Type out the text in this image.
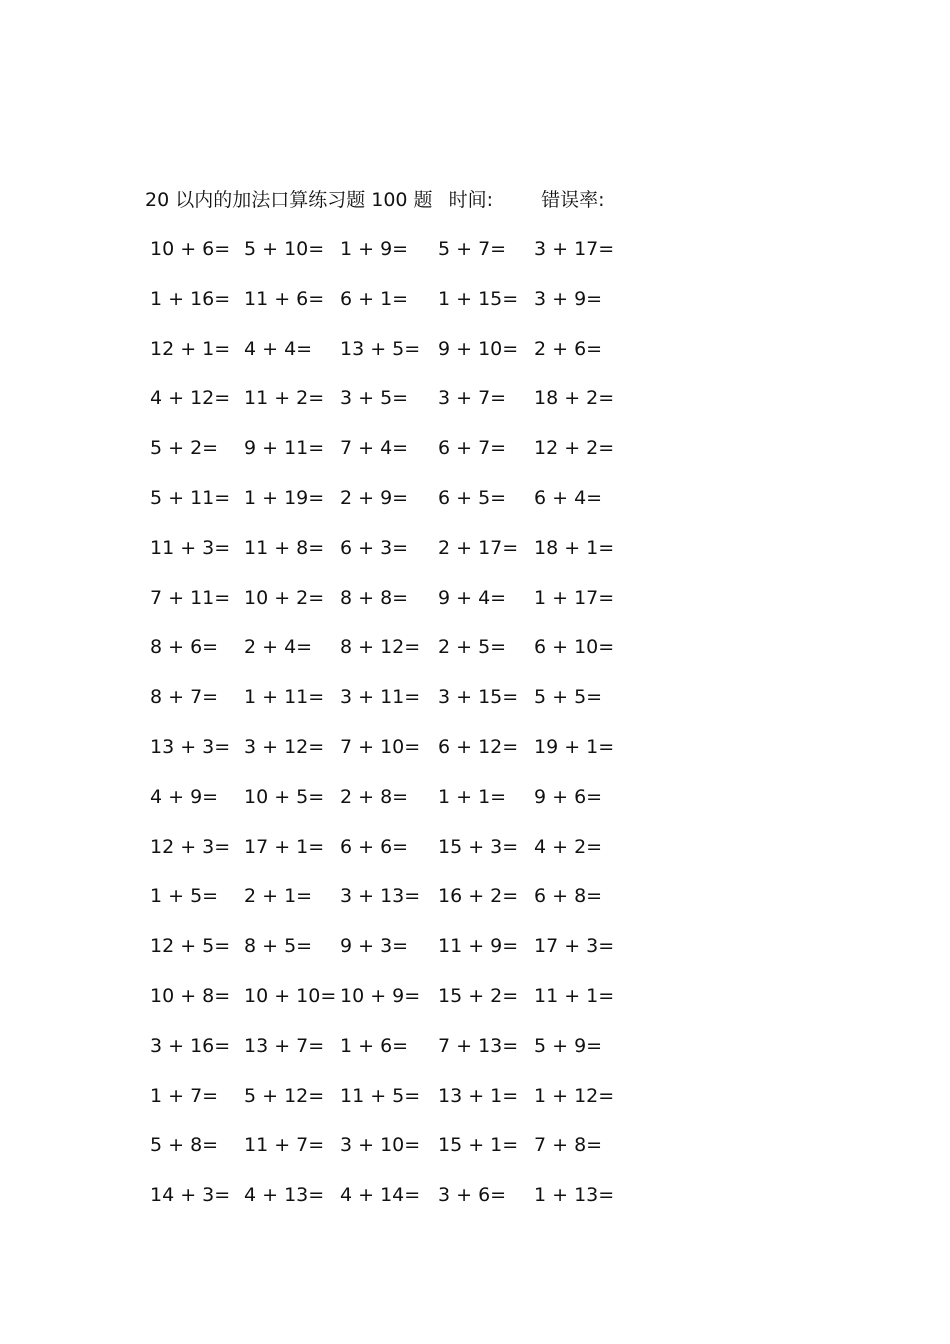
20 以内的加法口算练习题 100 题 时间:	错误率:
10 + 6= 5 + 10= 1 + 9= 5 + 7= 3 + 17=
1 + 16= 11 + 6= 6 + 1= 1 + 15= 3 + 9=
12 + 1= 4 + 4= 13 + 5= 9 + 10= 2 + 6=
4 + 12= 11 + 2= 3 + 5= 3 + 7= 18 + 2=
5 + 2= 9 + 11= 7 + 4= 6 + 7= 12 + 2=
5 + 11= 1 + 19= 2 + 9= 6 + 5= 6 + 4=
11 + 3= 11 + 8= 6 + 3= 2 + 17= 18 + 1=
7 + 11= 10 + 2= 8 + 8= 9 + 4= 1 + 17=
8 + 6= 2 + 4= 8 + 12= 2 + 5= 6 + 10=
8 + 7= 1 + 11= 3 + 11= 3 + 15= 5 + 5=
13 + 3= 3 + 12= 7 + 10= 6 + 12= 19 + 1=
4 + 9= 10 + 5= 2 + 8= 1 + 1= 9 + 6=
12 + 3= 17 + 1= 6 + 6= 15 + 3= 4 + 2=
1 + 5= 2 + 1= 3 + 13= 16 + 2= 6 + 8=
12 + 5= 8 + 5= 9 + 3= 11 + 9= 17 + 3=
10 + 8= 10 + 10= 10 + 9= 15 + 2= 11 + 1=
3 + 16= 13 + 7= 1 + 6= 7 + 13= 5 + 9=
1 + 7= 5 + 12= 11 + 5= 13 + 1= 1 + 12=
5 + 8= 11 + 7= 3 + 10= 15 + 1= 7 + 8=
14 + 3= 4 + 13= 4 + 14= 3 + 6= 1 + 13=
